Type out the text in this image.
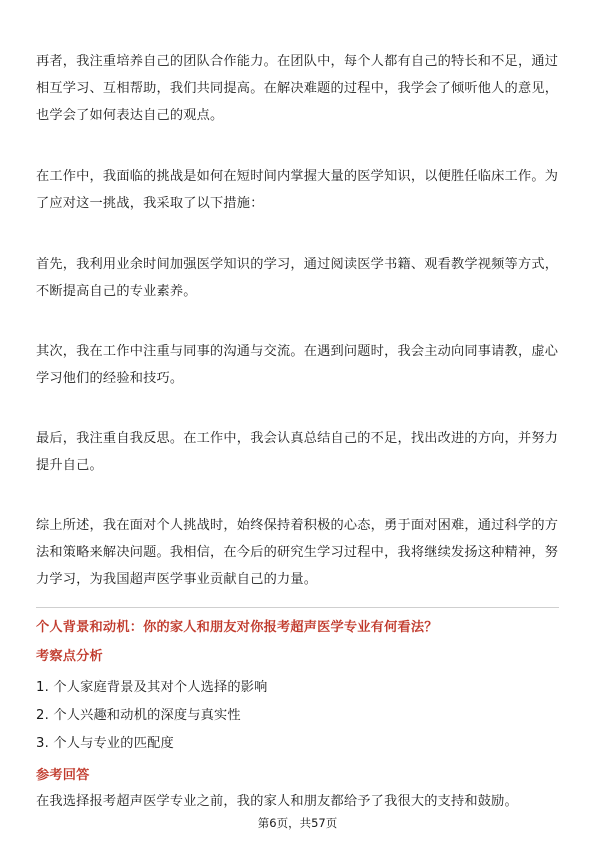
再者，我注重培养自己的团队合作能力。在团队中，每个人都有自己的特长和不足，通过相互学习、互相帮助，我们共同提高。在解决难题的过程中，我学会了倾听他人的意见，也学会了如何表达自己的观点。

在工作中，我面临的挑战是如何在短时间内掌握大量的医学知识，以便胜任临床工作。为了应对这一挑战，我采取了以下措施：

首先，我利用业余时间加强医学知识的学习，通过阅读医学书籍、观看教学视频等方式，不断提高自己的专业素养。

其次，我在工作中注重与同事的沟通与交流。在遇到问题时，我会主动向同事请教，虚心学习他们的经验和技巧。

最后，我注重自我反思。在工作中，我会认真总结自己的不足，找出改进的方向，并努力提升自己。

综上所述，我在面对个人挑战时，始终保持着积极的心态，勇于面对困难，通过科学的方法和策略来解决问题。我相信，在今后的研究生学习过程中，我将继续发扬这种精神，努力学习，为我国超声医学事业贡献自己的力量。

个人背景和动机：你的家人和朋友对你报考超声医学专业有何看法？

考察点分析

1. 个人家庭背景及其对个人选择的影响
2. 个人兴趣和动机的深度与真实性
3. 个人与专业的匹配度

参考回答

在我选择报考超声医学专业之前，我的家人和朋友都给予了我很大的支持和鼓励。

第6页，共57页
